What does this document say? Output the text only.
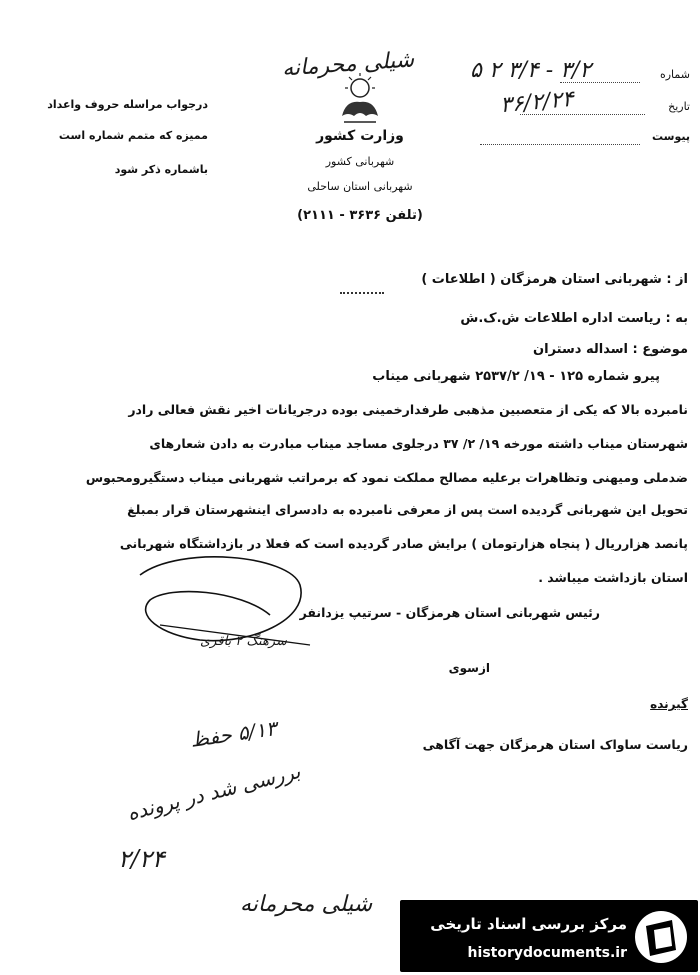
شیلی محرمانه
درجواب مراسله حروف واعداد
ممیزه که متمم شماره است
باشماره ذکر شود
وزارت کشور
شهربانی کشور
شهربانی استان ساحلی
(تلفن ۳۶۳۶ - ۲۱۱۱)
شماره
۳/۲ - ۳/۴ ۲ ۵
تاریخ
۳۶/۲/۲۴
پیوست
از : شهربانی استان هرمزگان ( اطلاعات )
به : ریاست اداره اطلاعات ش.ک.ش
موضوع : اسداله دستران
پیرو شماره ۱۲۵ - ۱۹/ ۲۵۳۷/۲ شهربانی میناب
نامبرده بالا که یکی از متعصبین مذهبی طرفدارخمینی بوده درجریانات اخیر نقش فعالی رادر
شهرستان میناب داشته مورخه ۱۹/ ۲/ ۳۷ درجلوی مساجد میناب مبادرت به دادن شعارهای
ضدملی ومیهنی وتظاهرات برعلیه مصالح مملکت نمود که برمراتب شهربانی میناب دستگیرومحبوس
تحویل این شهربانی گردیده است پس از معرفی نامبرده به دادسرای اینشهرستان قرار بمبلغ
پانصد هزارریال ( پنجاه هزارتومان ) برایش صادر گردیده است که فعلا در بازداشتگاه شهربانی
استان بازداشت میباشد .
رئیس شهربانی استان هرمزگان - سرتیپ یزدانفر
سرهنگ ۲ باقری
ازسوی
گیرنده
ریاست ساواک استان هرمزگان جهت آگاهی
۵/۱۳ حفظ
بررسی شد در پرونده
۲/۲۴
شیلی محرمانه
مرکز بررسی اسناد تاریخی
historydocuments.ir
